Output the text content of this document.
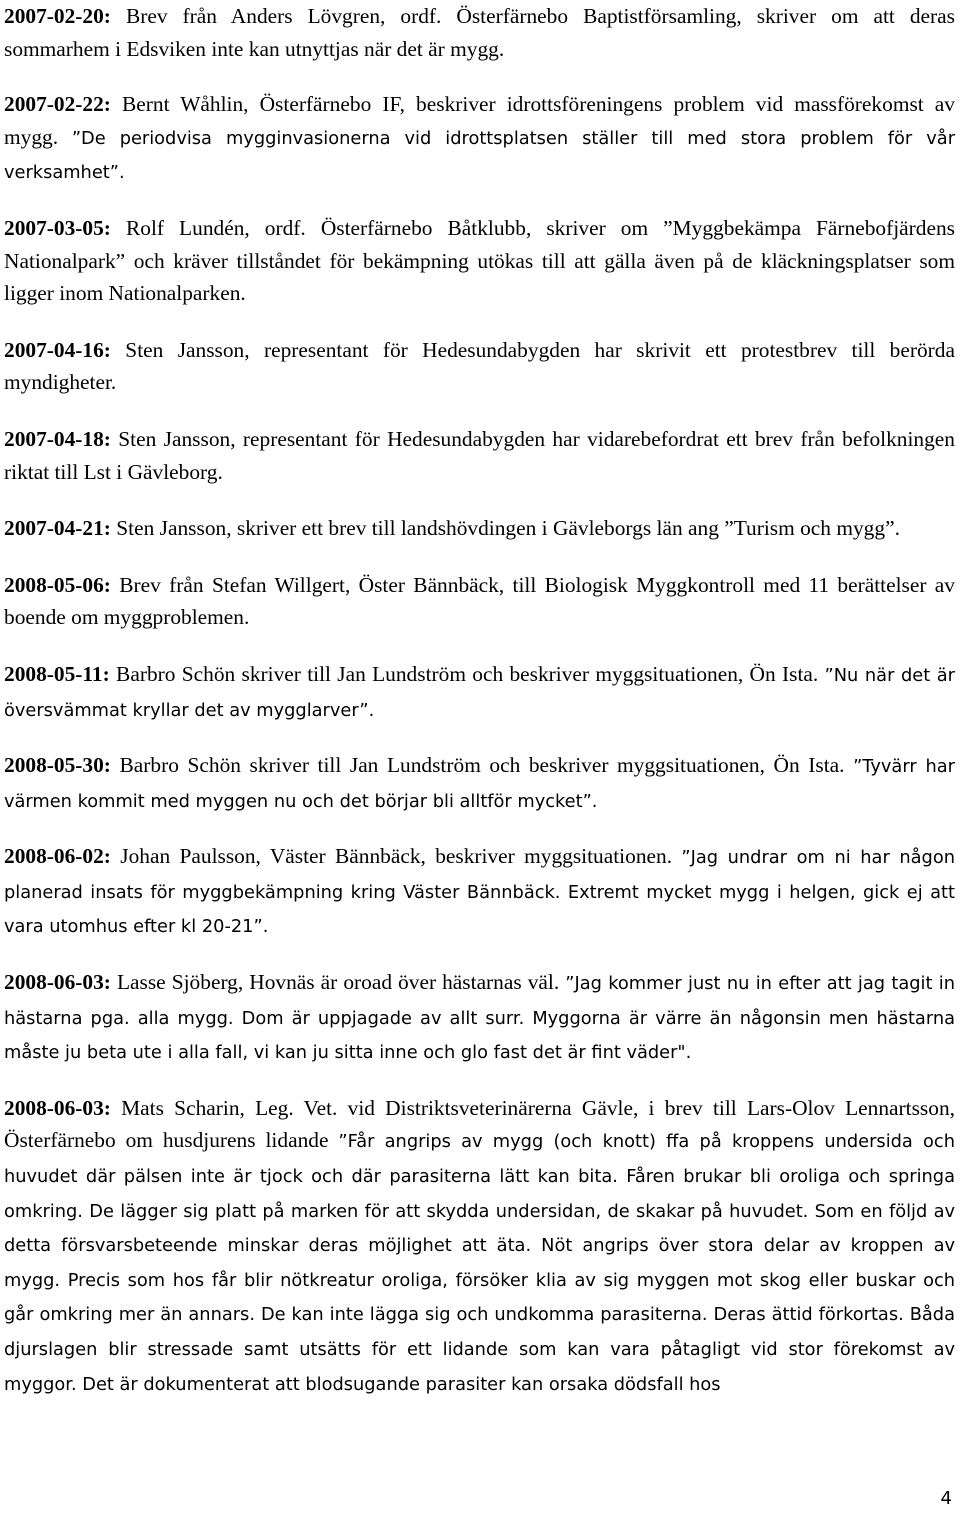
2007-02-20: Brev från Anders Lövgren, ordf. Österfärnebo Baptistförsamling, skriver om att deras sommarhem i Edsviken inte kan utnyttjas när det är mygg.

2007-02-22: Bernt Wåhlin, Österfärnebo IF, beskriver idrottsföreningens problem vid massförekomst av mygg. ”De periodvisa mygginvasionerna vid idrottsplatsen ställer till med stora problem för vår verksamhet”.

2007-03-05: Rolf Lundén, ordf. Österfärnebo Båtklubb, skriver om ”Myggbekämpa Färnebofjärdens Nationalpark” och kräver tillståndet för bekämpning utökas till att gälla även på de kläckningsplatser som ligger inom Nationalparken.

2007-04-16: Sten Jansson, representant för Hedesundabygden har skrivit ett protestbrev till berörda myndigheter.

2007-04-18: Sten Jansson, representant för Hedesundabygden har vidarebefordrat ett brev från befolkningen riktat till Lst i Gävleborg.

2007-04-21: Sten Jansson, skriver ett brev till landshövdingen i Gävleborgs län ang ”Turism och mygg”.

2008-05-06: Brev från Stefan Willgert, Öster Bännbäck, till Biologisk Myggkontroll med 11 berättelser av boende om myggproblemen.

2008-05-11: Barbro Schön skriver till Jan Lundström och beskriver myggsituationen, Ön Ista. ”Nu när det är översvämmat kryllar det av mygglarver”.

2008-05-30: Barbro Schön skriver till Jan Lundström och beskriver myggsituationen, Ön Ista. ”Tyvärr har värmen kommit med myggen nu och det börjar bli alltför mycket”.

2008-06-02: Johan Paulsson, Väster Bännbäck, beskriver myggsituationen. ”Jag undrar om ni har någon planerad insats för myggbekämpning kring Väster Bännbäck. Extremt mycket mygg i helgen, gick ej att vara utomhus efter kl 20-21”.

2008-06-03: Lasse Sjöberg, Hovnäs är oroad över hästarnas väl. ”Jag kommer just nu in efter att jag tagit in hästarna pga. alla mygg. Dom är uppjagade av allt surr. Myggorna är värre än någonsin men hästarna måste ju beta ute i alla fall, vi kan ju sitta inne och glo fast det är fint väder".

2008-06-03: Mats Scharin, Leg. Vet. vid Distriktsveterinärerna Gävle, i brev till Lars-Olov Lennartsson, Österfärnebo om husdjurens lidande ”Får angrips av mygg (och knott) ffa på kroppens undersida och huvudet där pälsen inte är tjock och där parasiterna lätt kan bita. Fåren brukar bli oroliga och springa omkring. De lägger sig platt på marken för att skydda undersidan, de skakar på huvudet. Som en följd av detta försvarsbeteende minskar deras möjlighet att äta. Nöt angrips över stora delar av kroppen av mygg. Precis som hos får blir nötkreatur oroliga, försöker klia av sig myggen mot skog eller buskar och går omkring mer än annars. De kan inte lägga sig och undkomma parasiterna. Deras ättid förkortas. Båda djurslagen blir stressade samt utsätts för ett lidande som kan vara påtagligt vid stor förekomst av myggor. Det är dokumenterat att blodsugande parasiter kan orsaka dödsfall hos

4
